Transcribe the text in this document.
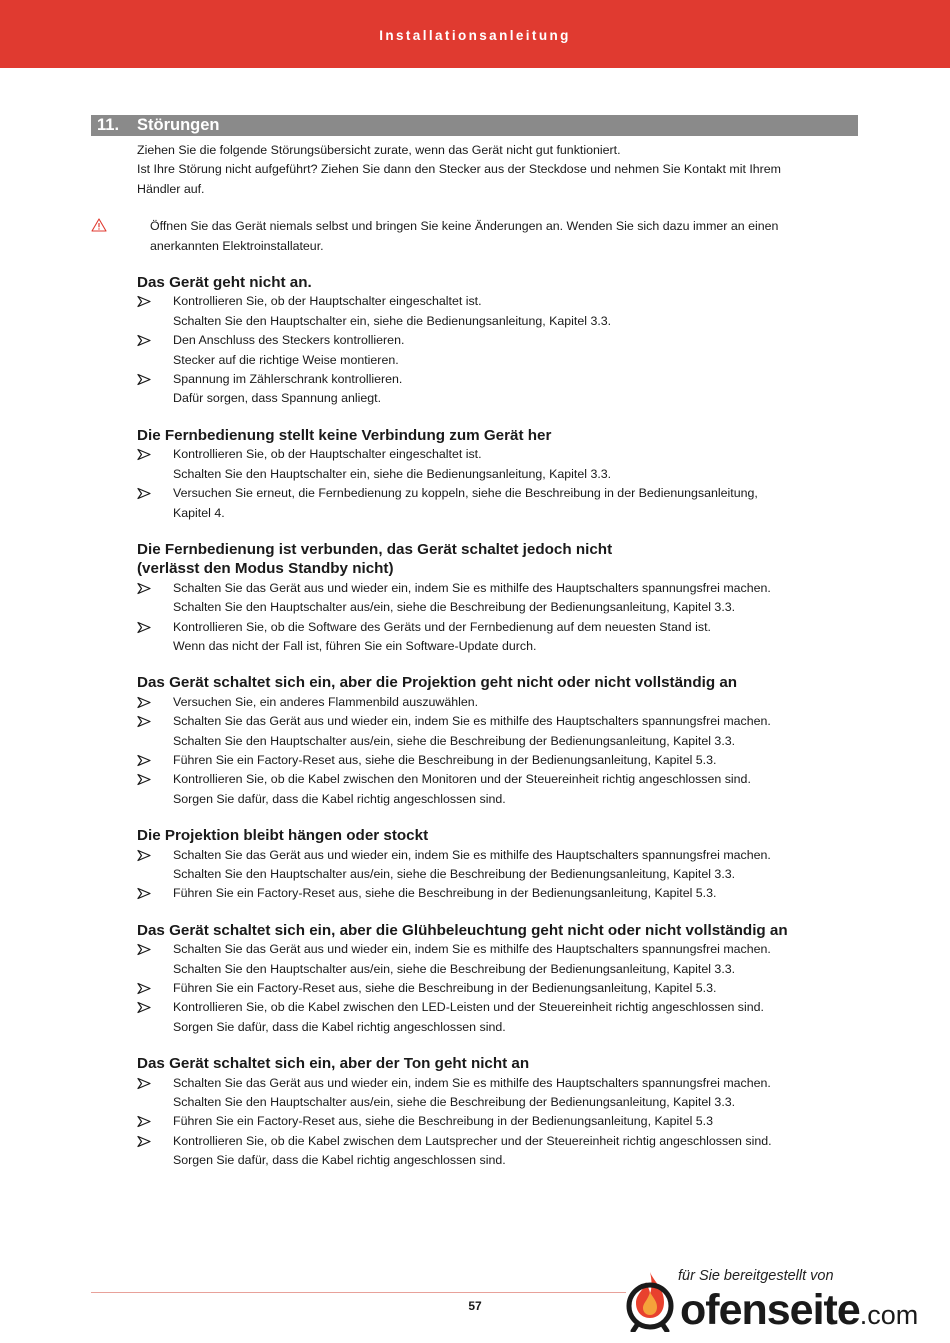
Installationsanleitung
11. Störungen

Ziehen Sie die folgende Störungsübersicht zurate, wenn das Gerät nicht gut funktioniert.

Ist Ihre Störung nicht aufgeführt? Ziehen Sie dann den Stecker aus der Steckdose und nehmen Sie Kontakt mit Ihrem

Händler auf.

Öffnen Sie das Gerät niemals selbst und bringen Sie keine Änderungen an. Wenden Sie sich dazu immer an einen

anerkannten Elektroinstallateur.

Das Gerät geht nicht an.

Kontrollieren Sie, ob der Hauptschalter eingeschaltet ist.
Schalten Sie den Hauptschalter ein, siehe die Bedienungsanleitung, Kapitel 3.3.
Den Anschluss des Steckers kontrollieren.
Stecker auf die richtige Weise montieren.
Spannung im Zählerschrank kontrollieren.
Dafür sorgen, dass Spannung anliegt.

Die Fernbedienung stellt keine Verbindung zum Gerät her

Kontrollieren Sie, ob der Hauptschalter eingeschaltet ist.
Schalten Sie den Hauptschalter ein, siehe die Bedienungsanleitung, Kapitel 3.3.
Versuchen Sie erneut, die Fernbedienung zu koppeln, siehe die Beschreibung in der Bedienungsanleitung,
Kapitel 4.

Die Fernbedienung ist verbunden, das Gerät schaltet jedoch nicht

(verlässt den Modus Standby nicht)

Schalten Sie das Gerät aus und wieder ein, indem Sie es mithilfe des Hauptschalters spannungsfrei machen.
Schalten Sie den Hauptschalter aus/ein, siehe die Beschreibung der Bedienungsanleitung, Kapitel 3.3.
Kontrollieren Sie, ob die Software des Geräts und der Fernbedienung auf dem neuesten Stand ist.
Wenn das nicht der Fall ist, führen Sie ein Software-Update durch.

Das Gerät schaltet sich ein, aber die Projektion geht nicht oder nicht vollständig an

Versuchen Sie, ein anderes Flammenbild auszuwählen.
Schalten Sie das Gerät aus und wieder ein, indem Sie es mithilfe des Hauptschalters spannungsfrei machen.
Schalten Sie den Hauptschalter aus/ein, siehe die Beschreibung der Bedienungsanleitung, Kapitel 3.3.
Führen Sie ein Factory-Reset aus, siehe die Beschreibung in der Bedienungsanleitung, Kapitel 5.3.
Kontrollieren Sie, ob die Kabel zwischen den Monitoren und der Steuereinheit richtig angeschlossen sind.
Sorgen Sie dafür, dass die Kabel richtig angeschlossen sind.

Die Projektion bleibt hängen oder stockt

Schalten Sie das Gerät aus und wieder ein, indem Sie es mithilfe des Hauptschalters spannungsfrei machen.
Schalten Sie den Hauptschalter aus/ein, siehe die Beschreibung der Bedienungsanleitung, Kapitel 3.3.
Führen Sie ein Factory-Reset aus, siehe die Beschreibung in der Bedienungsanleitung, Kapitel 5.3.

Das Gerät schaltet sich ein, aber die Glühbeleuchtung geht nicht oder nicht vollständig an

Schalten Sie das Gerät aus und wieder ein, indem Sie es mithilfe des Hauptschalters spannungsfrei machen.
Schalten Sie den Hauptschalter aus/ein, siehe die Beschreibung der Bedienungsanleitung, Kapitel 3.3.
Führen Sie ein Factory-Reset aus, siehe die Beschreibung in der Bedienungsanleitung, Kapitel 5.3.
Kontrollieren Sie, ob die Kabel zwischen den LED-Leisten und der Steuereinheit richtig angeschlossen sind.
Sorgen Sie dafür, dass die Kabel richtig angeschlossen sind.

Das Gerät schaltet sich ein, aber der Ton geht nicht an

Schalten Sie das Gerät aus und wieder ein, indem Sie es mithilfe des Hauptschalters spannungsfrei machen.
Schalten Sie den Hauptschalter aus/ein, siehe die Beschreibung der Bedienungsanleitung, Kapitel 3.3.
Führen Sie ein Factory-Reset aus, siehe die Beschreibung in der Bedienungsanleitung, Kapitel 5.3
Kontrollieren Sie, ob die Kabel zwischen dem Lautsprecher und der Steuereinheit richtig angeschlossen sind.
Sorgen Sie dafür, dass die Kabel richtig angeschlossen sind.
57
für Sie bereitgestellt von
ofenseite.com
